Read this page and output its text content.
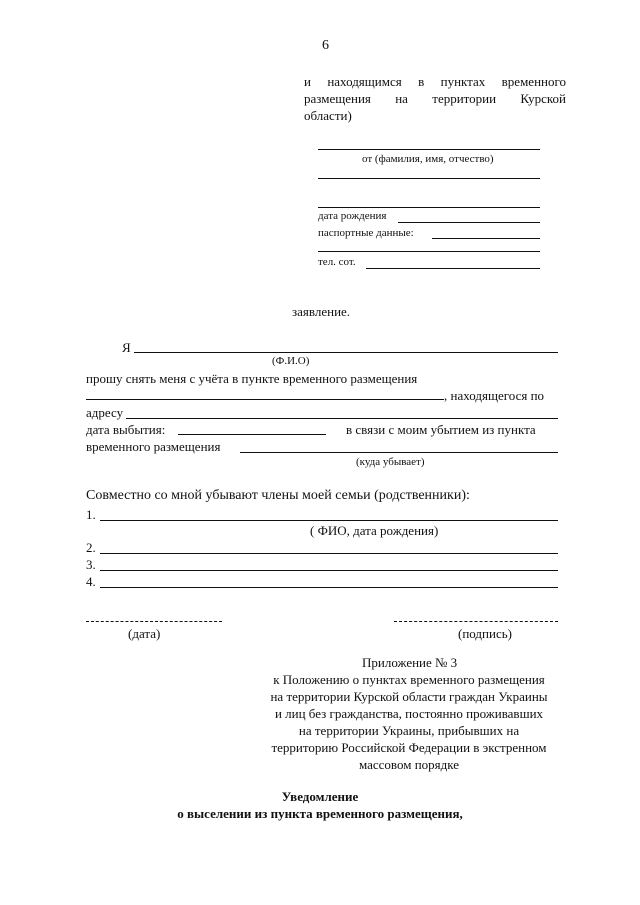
6
и находящимся в пунктах временного
размещения на территории Курской
области)
от (фамилия, имя, отчество)
дата рождения
паспортные данные:
тел. сот.
заявление.
Я
(Ф.И.О)
прошу снять меня с учёта в пункте временного размещения
, находящегося по
адресу
дата выбытия:	в связи с моим убытием из пункта
временного размещения
(куда убывает)
Совместно со мной убывают члены моей семьи (родственники):
1.
( ФИО, дата рождения)
2.
3.
4.
(дата)	(подпись)
Приложение № 3
к Положению о пунктах временного размещения
на территории Курской области граждан Украины
и лиц без гражданства, постоянно проживавших
на территории Украины, прибывших на
территорию Российской Федерации в экстренном
массовом порядке
Уведомление
о выселении из пункта временного размещения,
